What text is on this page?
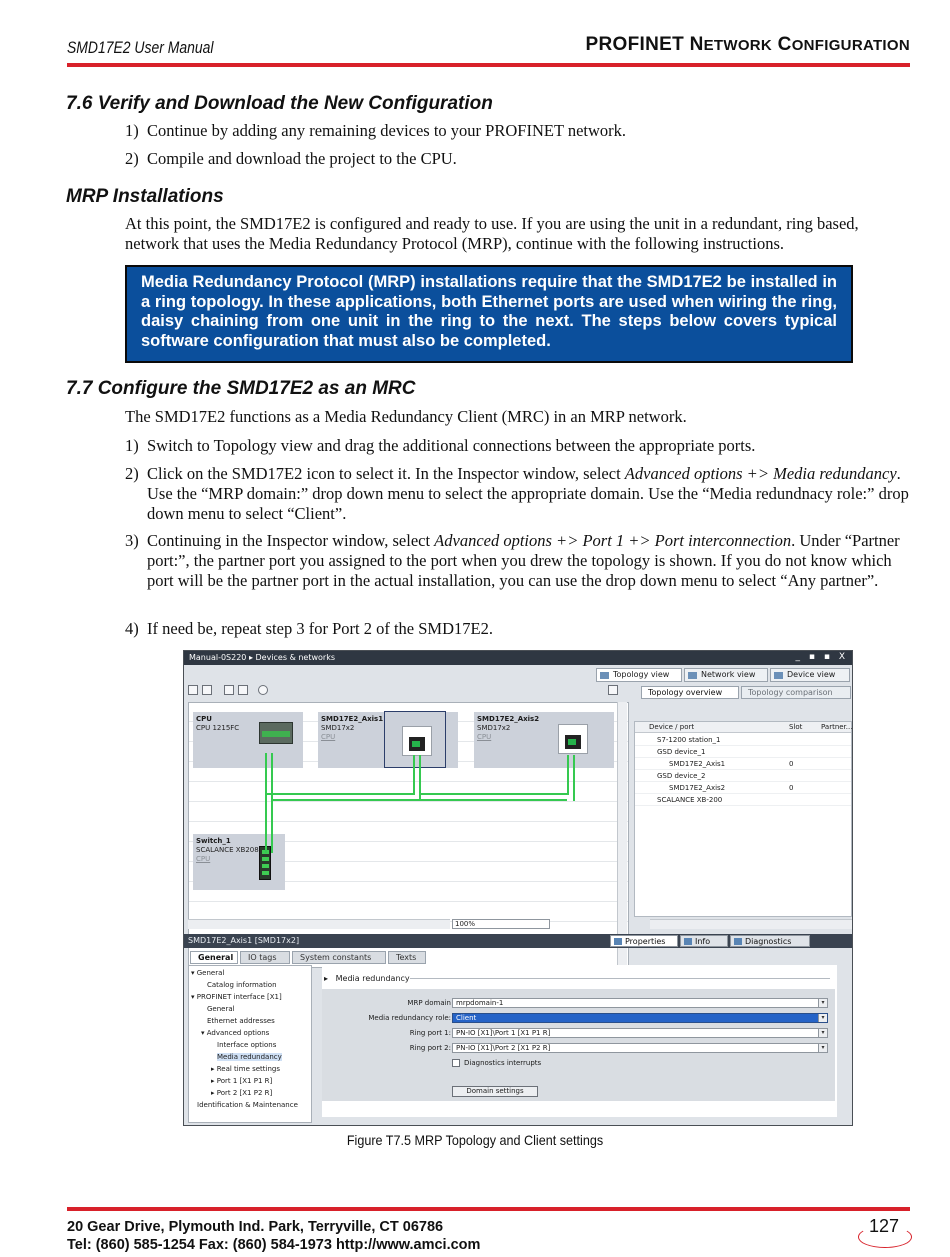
SMD17E2 User Manual	PROFINET NETWORK CONFIGURATION
7.6 Verify and Download the New Configuration
1) Continue by adding any remaining devices to your PROFINET network.
2) Compile and download the project to the CPU.
MRP Installations
At this point, the SMD17E2 is configured and ready to use. If you are using the unit in a redundant, ring based, network that uses the Media Redundancy Protocol (MRP), continue with the following instructions.
Media Redundancy Protocol (MRP) installations require that the SMD17E2 be installed in a ring topology. In these applications, both Ethernet ports are used when wiring the ring, daisy chaining from one unit in the ring to the next. The steps below covers typical software configuration that must also be completed.
7.7 Configure the SMD17E2 as an MRC
The SMD17E2 functions as a Media Redundancy Client (MRC) in an MRP network.
1) Switch to Topology view and drag the additional connections between the appropriate ports.
2) Click on the SMD17E2 icon to select it. In the Inspector window, select Advanced options +> Media redundancy. Use the “MRP domain:” drop down menu to select the appropriate domain. Use the “Media redundnacy role:” drop down menu to select “Client”.
3) Continuing in the Inspector window, select Advanced options +> Port 1 +> Port interconnection. Under “Partner port:”, the partner port you assigned to the port when you drew the topology is shown. If you do not know which port will be the partner port in the actual installation, you can use the drop down menu to select “Any partner”.
4) If need be, repeat step 3 for Port 2 of the SMD17E2.
Manual-0S220 ▸ Devices & networks	_ ▪ ▪ X
Topology view	Network view	Device view
CPU
CPU 1215FC
SMD17E2_Axis1
SMD17x2
CPU
SMD17E2_Axis2
SMD17x2
CPU
Switch_1
SCALANCE XB208
CPU
100%
Topology overview	Topology comparison
Device / port	Slot	Partner...
S7-1200 station_1
GSD device_1
SMD17E2_Axis1	0
GSD device_2
SMD17E2_Axis2	0
SCALANCE XB-200
SMD17E2_Axis1 [SMD17x2]	Properties	Info	Diagnostics
General	IO tags	System constants	Texts
▾ General
Catalog information
▾ PROFINET interface [X1]
General
Ethernet addresses
▾ Advanced options
Interface options
Media redundancy
▸ Real time settings
▸ Port 1 [X1 P1 R]
▸ Port 2 [X1 P2 R]
Identification & Maintenance
▸   Media redundancy
MRP domain mrpdomain-1	▾
Media redundancy role: Client	▾
Ring port 1: PN-IO [X1]\Port 1 [X1 P1 R]	▾
Ring port 2: PN-IO [X1]\Port 2 [X1 P2 R]	▾
Diagnostics interrupts
Domain settings
Figure T7.5 MRP Topology and Client settings
20 Gear Drive, Plymouth Ind. Park, Terryville, CT 06786
Tel: (860) 585-1254 Fax: (860) 584-1973 http://www.amci.com
127
